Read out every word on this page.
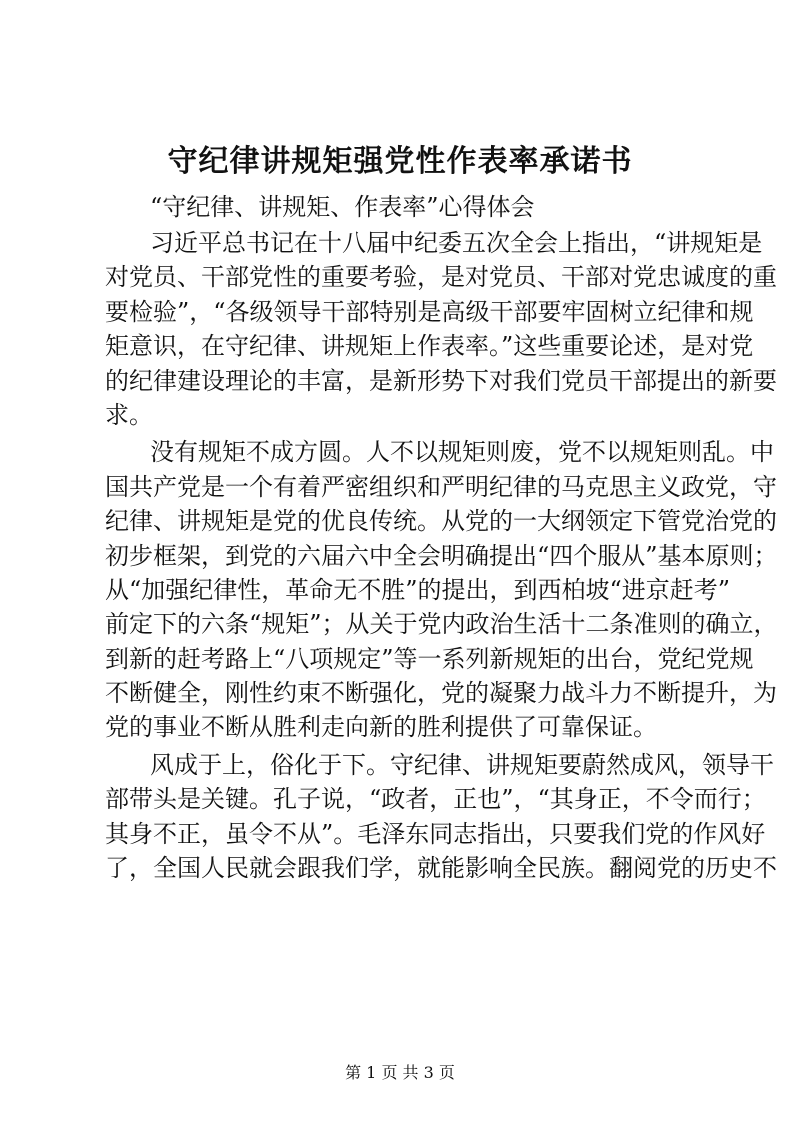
守纪律讲规矩强党性作表率承诺书
“守纪律、讲规矩、作表率”心得体会
习近平总书记在十八届中纪委五次全会上指出，“讲规矩是
对党员、干部党性的重要考验，是对党员、干部对党忠诚度的重
要检验”，“各级领导干部特别是高级干部要牢固树立纪律和规
矩意识，在守纪律、讲规矩上作表率。”这些重要论述，是对党
的纪律建设理论的丰富，是新形势下对我们党员干部提出的新要
求。
没有规矩不成方圆。人不以规矩则废，党不以规矩则乱。中
国共产党是一个有着严密组织和严明纪律的马克思主义政党，守
纪律、讲规矩是党的优良传统。从党的一大纲领定下管党治党的
初步框架，到党的六届六中全会明确提出“四个服从”基本原则；
从“加强纪律性，革命无不胜”的提出，到西柏坡“进京赶考”
前定下的六条“规矩”；从关于党内政治生活十二条准则的确立，
到新的赶考路上“八项规定”等一系列新规矩的出台，党纪党规
不断健全，刚性约束不断强化，党的凝聚力战斗力不断提升，为
党的事业不断从胜利走向新的胜利提供了可靠保证。
风成于上，俗化于下。守纪律、讲规矩要蔚然成风，领导干
部带头是关键。孔子说，“政者，正也”，“其身正，不令而行；
其身不正，虽令不从”。毛泽东同志指出，只要我们党的作风好
了，全国人民就会跟我们学，就能影响全民族。翻阅党的历史不
第 1 页 共 3 页
